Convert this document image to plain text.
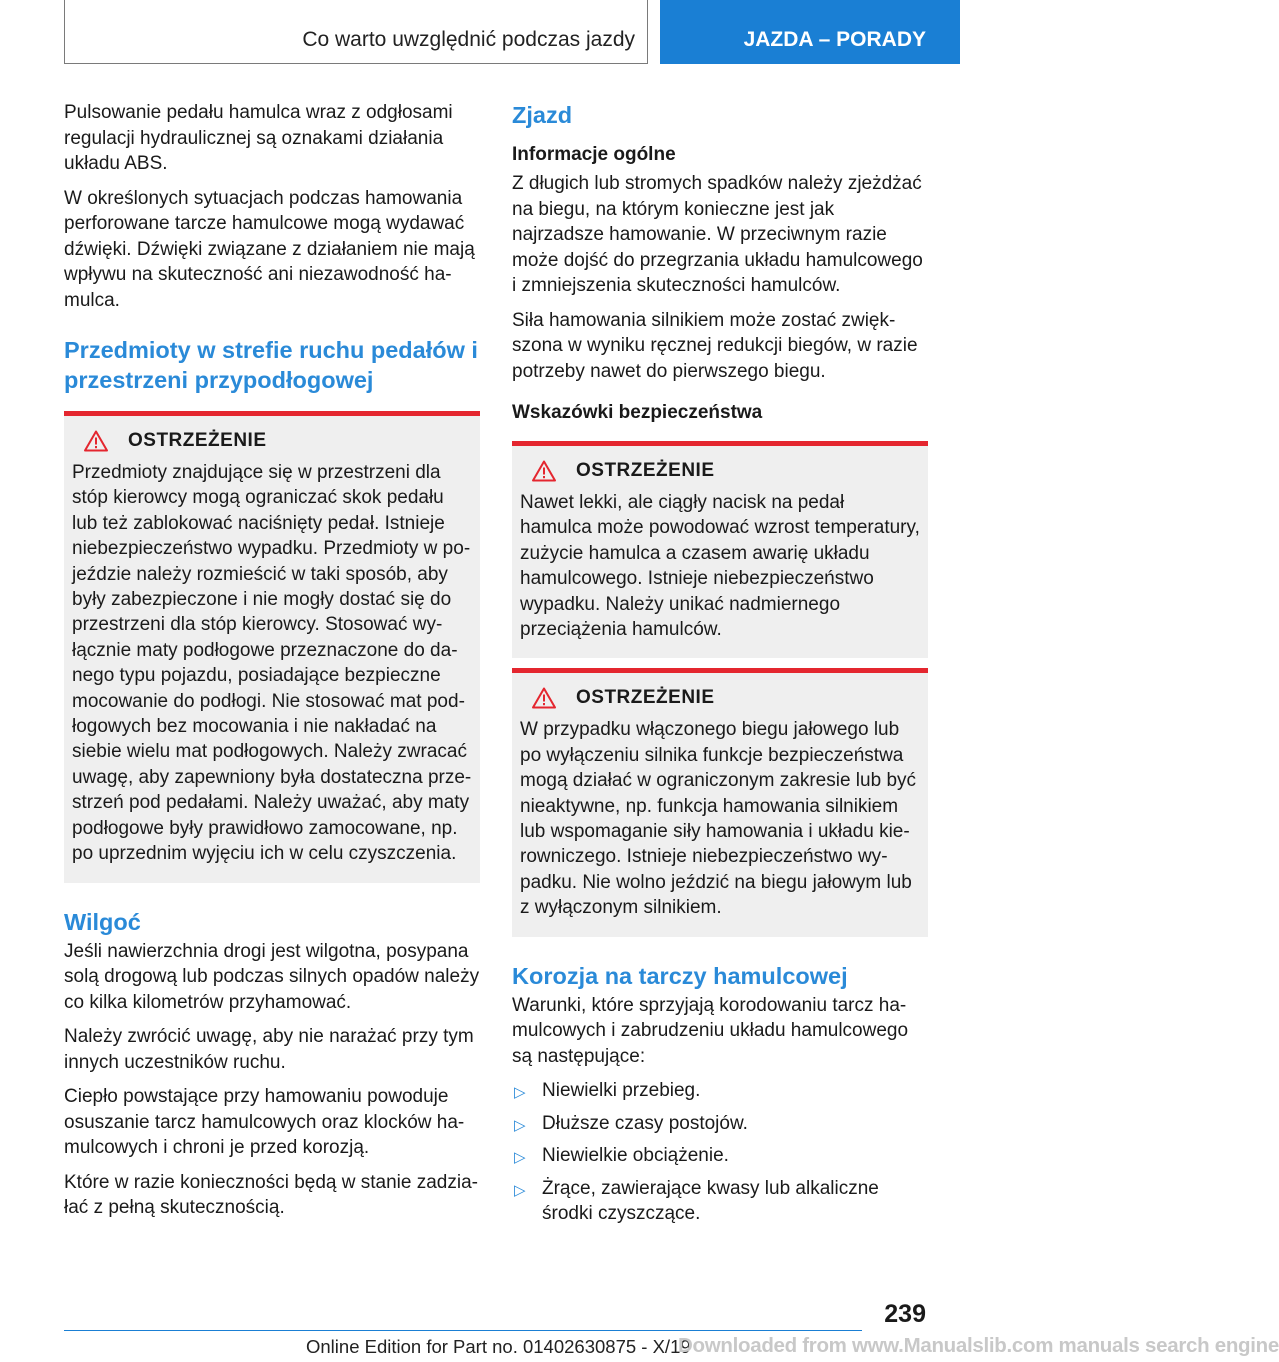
Co warto uwzględnić podczas jazdy	JAZDA – PORADY

Pulsowanie pedału hamulca wraz z odgłosami regulacji hydraulicznej są oznakami działania układu ABS.

W określonych sytuacjach podczas hamowania perforowane tarcze hamulcowe mogą wydawać dźwięki. Dźwięki związane z działaniem nie mają wpływu na skuteczność ani niezawodność hamulca.

Przedmioty w strefie ruchu pedałów i przestrzeni przypodłogowej
OSTRZEŻENIE

Przedmioty znajdujące się w przestrzeni dla stóp kierowcy mogą ograniczać skok pedału lub też zablokować naciśnięty pedał. Istnieje niebezpieczeństwo wypadku. Przedmioty w pojeździe należy rozmieścić w taki sposób, aby były zabezpieczone i nie mogły dostać się do przestrzeni dla stóp kierowcy. Stosować wyłącznie maty podłogowe przeznaczone do danego typu pojazdu, posiadające bezpieczne mocowanie do podłogi. Nie stosować mat podłogowych bez mocowania i nie nakładać na siebie wielu mat podłogowych. Należy zwracać uwagę, aby zapewniony była dostateczna przestrzeń pod pedałami. Należy uważać, aby maty podłogowe były prawidłowo zamocowane, np. po uprzednim wyjęciu ich w celu czyszczenia.

Wilgoć

Jeśli nawierzchnia drogi jest wilgotna, posypana solą drogową lub podczas silnych opadów należy co kilka kilometrów przyhamować.

Należy zwrócić uwagę, aby nie narażać przy tym innych uczestników ruchu.

Ciepło powstające przy hamowaniu powoduje osuszanie tarcz hamulcowych oraz klocków hamulcowych i chroni je przed korozją.

Które w razie konieczności będą w stanie zadziałać z pełną skutecznością.

Zjazd
Informacje ogólne

Z długich lub stromych spadków należy zjeżdżać na biegu, na którym konieczne jest jak najrzadsze hamowanie. W przeciwnym razie może dojść do przegrzania układu hamulcowego i zmniejszenia skuteczności hamulców.

Siła hamowania silnikiem może zostać zwiększona w wyniku ręcznej redukcji biegów, w razie potrzeby nawet do pierwszego biegu.

Wskazówki bezpieczeństwa
OSTRZEŻENIE

Nawet lekki, ale ciągły nacisk na pedał hamulca może powodować wzrost temperatury, zużycie hamulca a czasem awarię układu hamulcowego. Istnieje niebezpieczeństwo wypadku. Należy unikać nadmiernego przeciążenia hamulców.

OSTRZEŻENIE

W przypadku włączonego biegu jałowego lub po wyłączeniu silnika funkcje bezpieczeństwa mogą działać w ograniczonym zakresie lub być nieaktywne, np. funkcja hamowania silnikiem lub wspomaganie siły hamowania i układu kierowniczego. Istnieje niebezpieczeństwo wypadku. Nie wolno jeździć na biegu jałowym lub z wyłączonym silnikiem.

Korozja na tarczy hamulcowej

Warunki, które sprzyjają korodowaniu tarcz hamulcowych i zabrudzeniu układu hamulcowego są następujące:

▷ Niewielki przebieg.
▷ Dłuższe czasy postojów.
▷ Niewielkie obciążenie.
▷ Żrące, zawierające kwasy lub alkaliczne środki czyszczące.
239
Online Edition for Part no. 01402630875 - X/19
Downloaded from www.Manualslib.com manuals search engine
